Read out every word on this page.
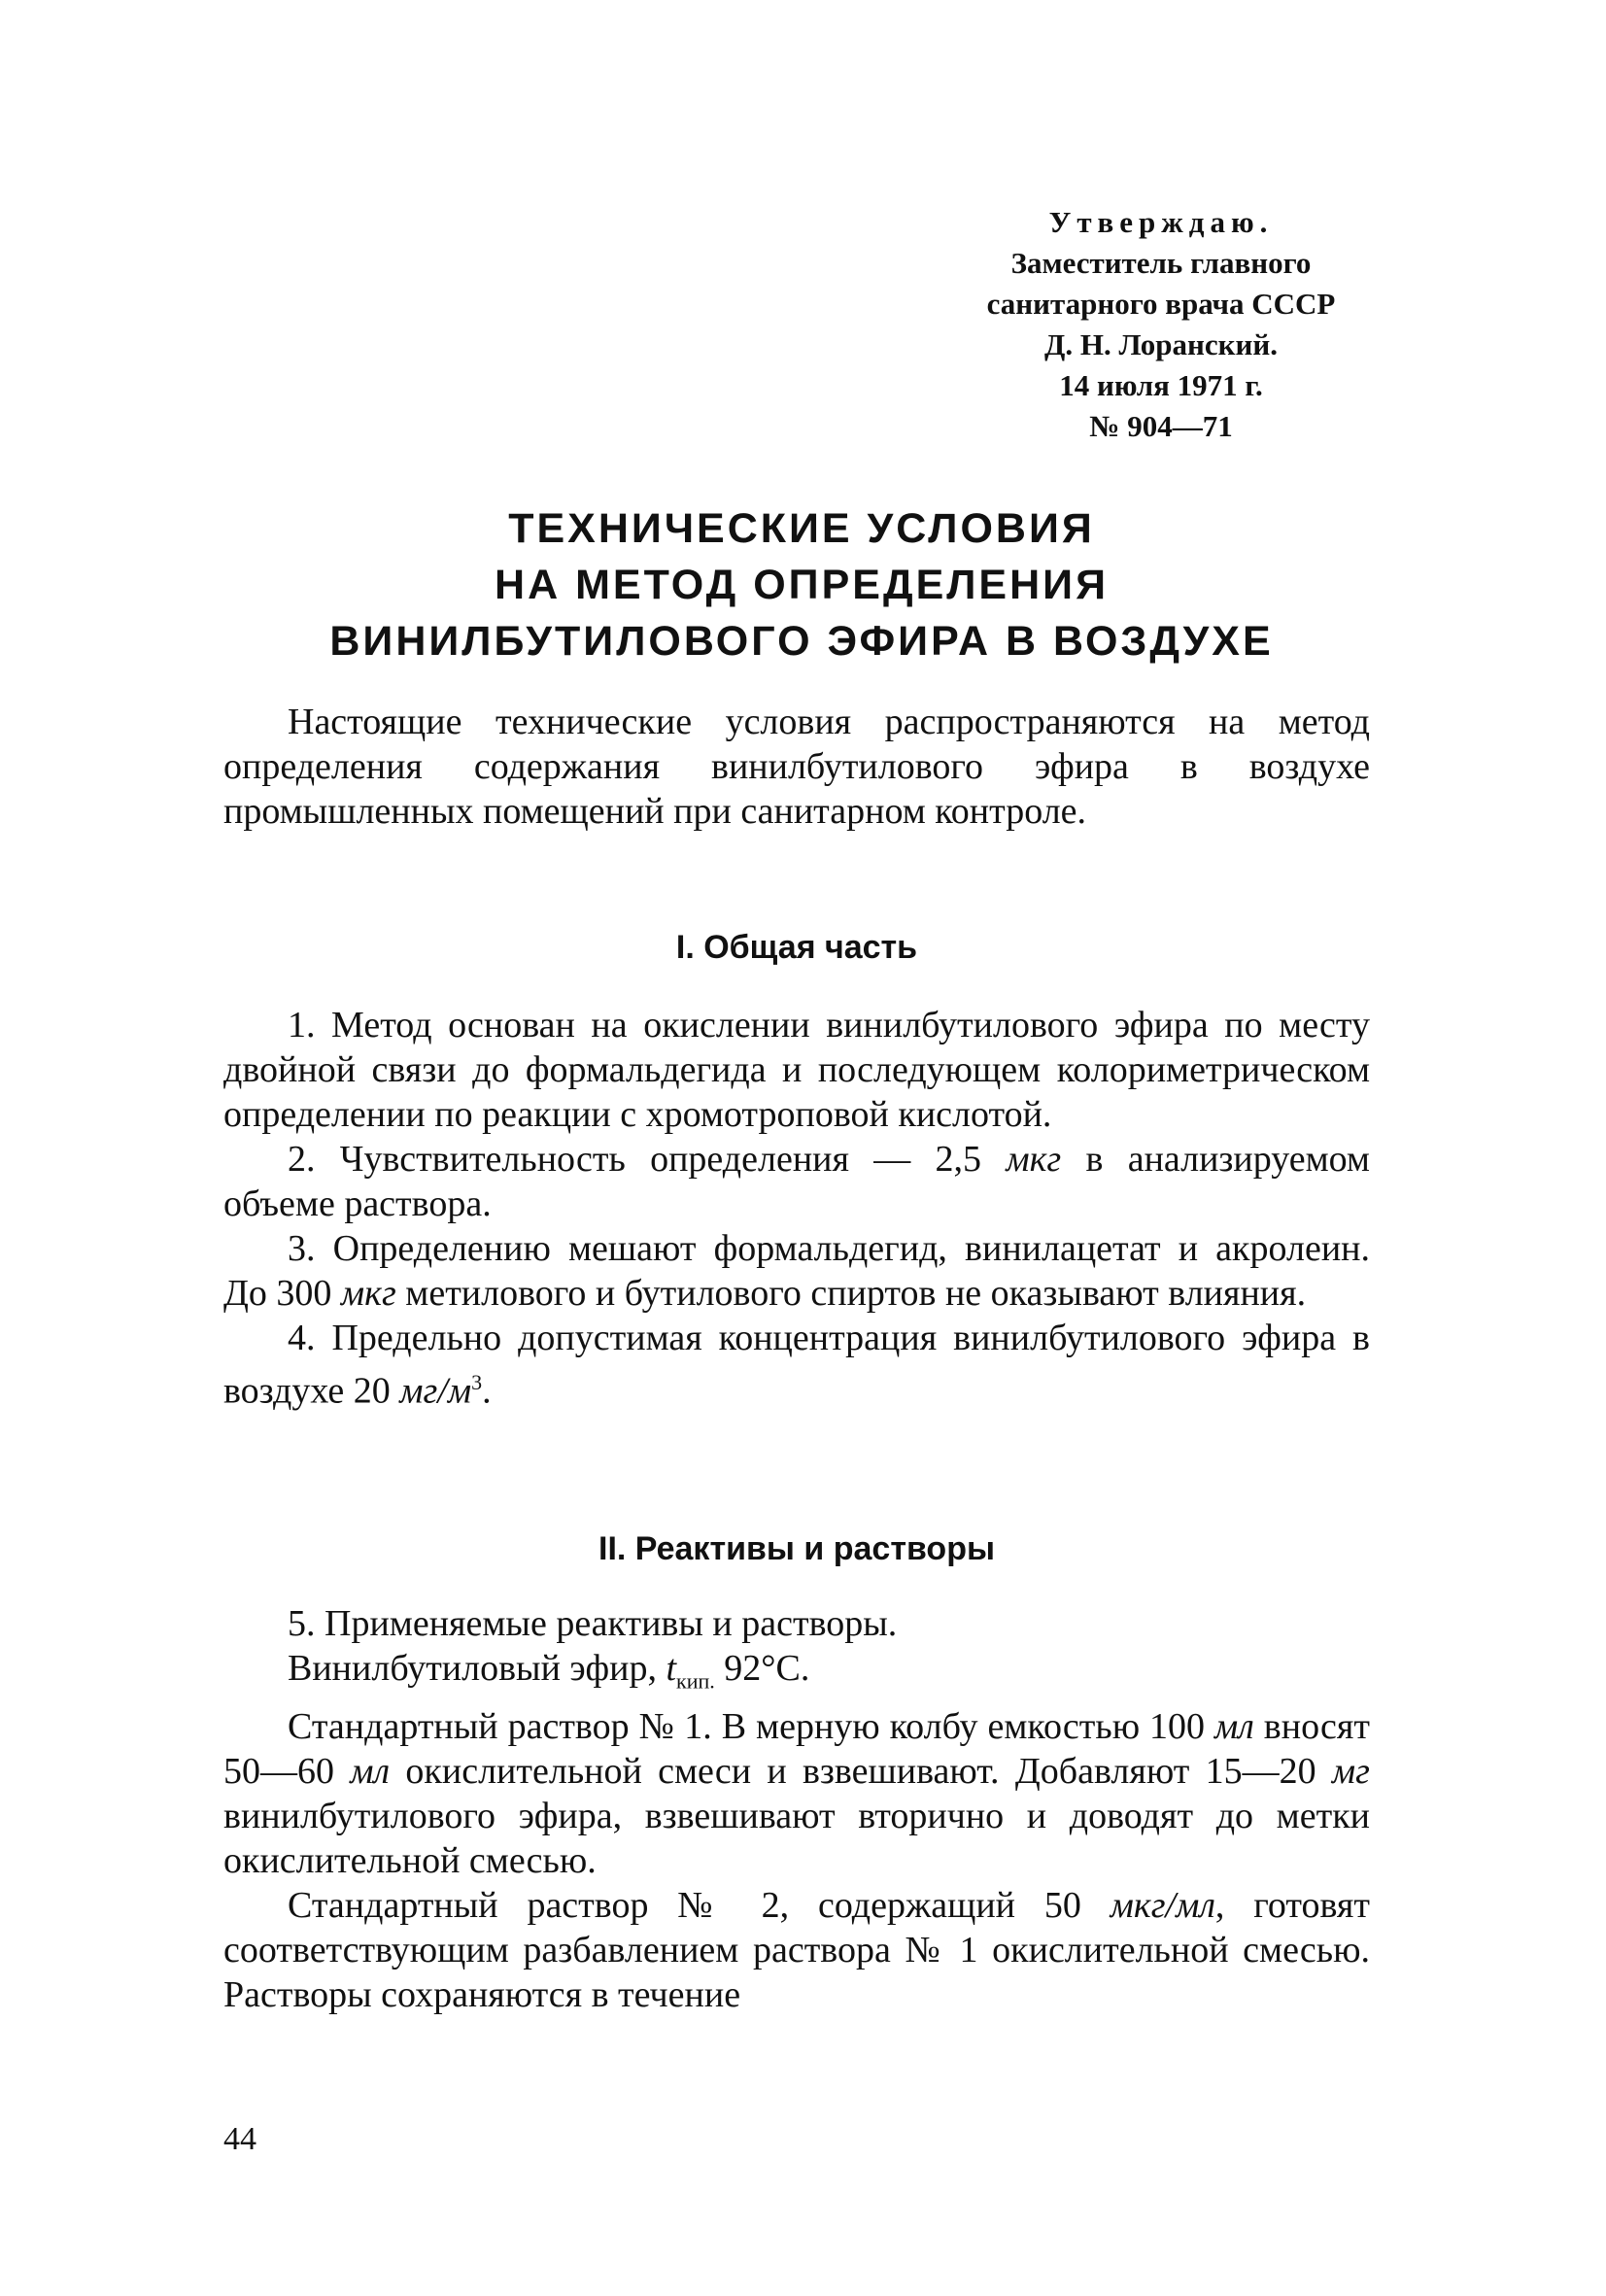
Утверждаю.
Заместитель главного
санитарного врача СССР
Д. Н. Лоранский.
14 июля 1971 г.
№ 904—71
ТЕХНИЧЕСКИЕ УСЛОВИЯ
НА МЕТОД ОПРЕДЕЛЕНИЯ
ВИНИЛБУТИЛОВОГО ЭФИРА В ВОЗДУХЕ

Настоящие технические условия распространяются на метод определения содержания винилбутилового эфира в воздухе промышленных помещений при санитарном контроле.

I. Общая часть

1. Метод основан на окислении винилбутилового эфира по месту двойной связи до формальдегида и последующем колориметрическом определении по реакции с хромотроповой кислотой.

2. Чувствительность определения — 2,5 мкг в анализируемом объеме раствора.

3. Определению мешают формальдегид, винилацетат и акролеин. До 300 мкг метилового и бутилового спиртов не оказывают влияния.

4. Предельно допустимая концентрация винилбутилового эфира в воздухе 20 $мг/м^3$.

II. Реактивы и растворы

5. Применяемые реактивы и растворы.

Винилбутиловый эфир, $t_{кип.}$ 92°С.

Стандартный раствор № 1. В мерную колбу емкостью 100 мл вносят 50—60 мл окислительной смеси и взвешивают. Добавляют 15—20 мг винилбутилового эфира, взвешивают вторично и доводят до метки окислительной смесью.

Стандартный раствор № 2, содержащий 50 мкг/мл, готовят соответствующим разбавлением раствора № 1 окислительной смесью. Растворы сохраняются в течение

44
